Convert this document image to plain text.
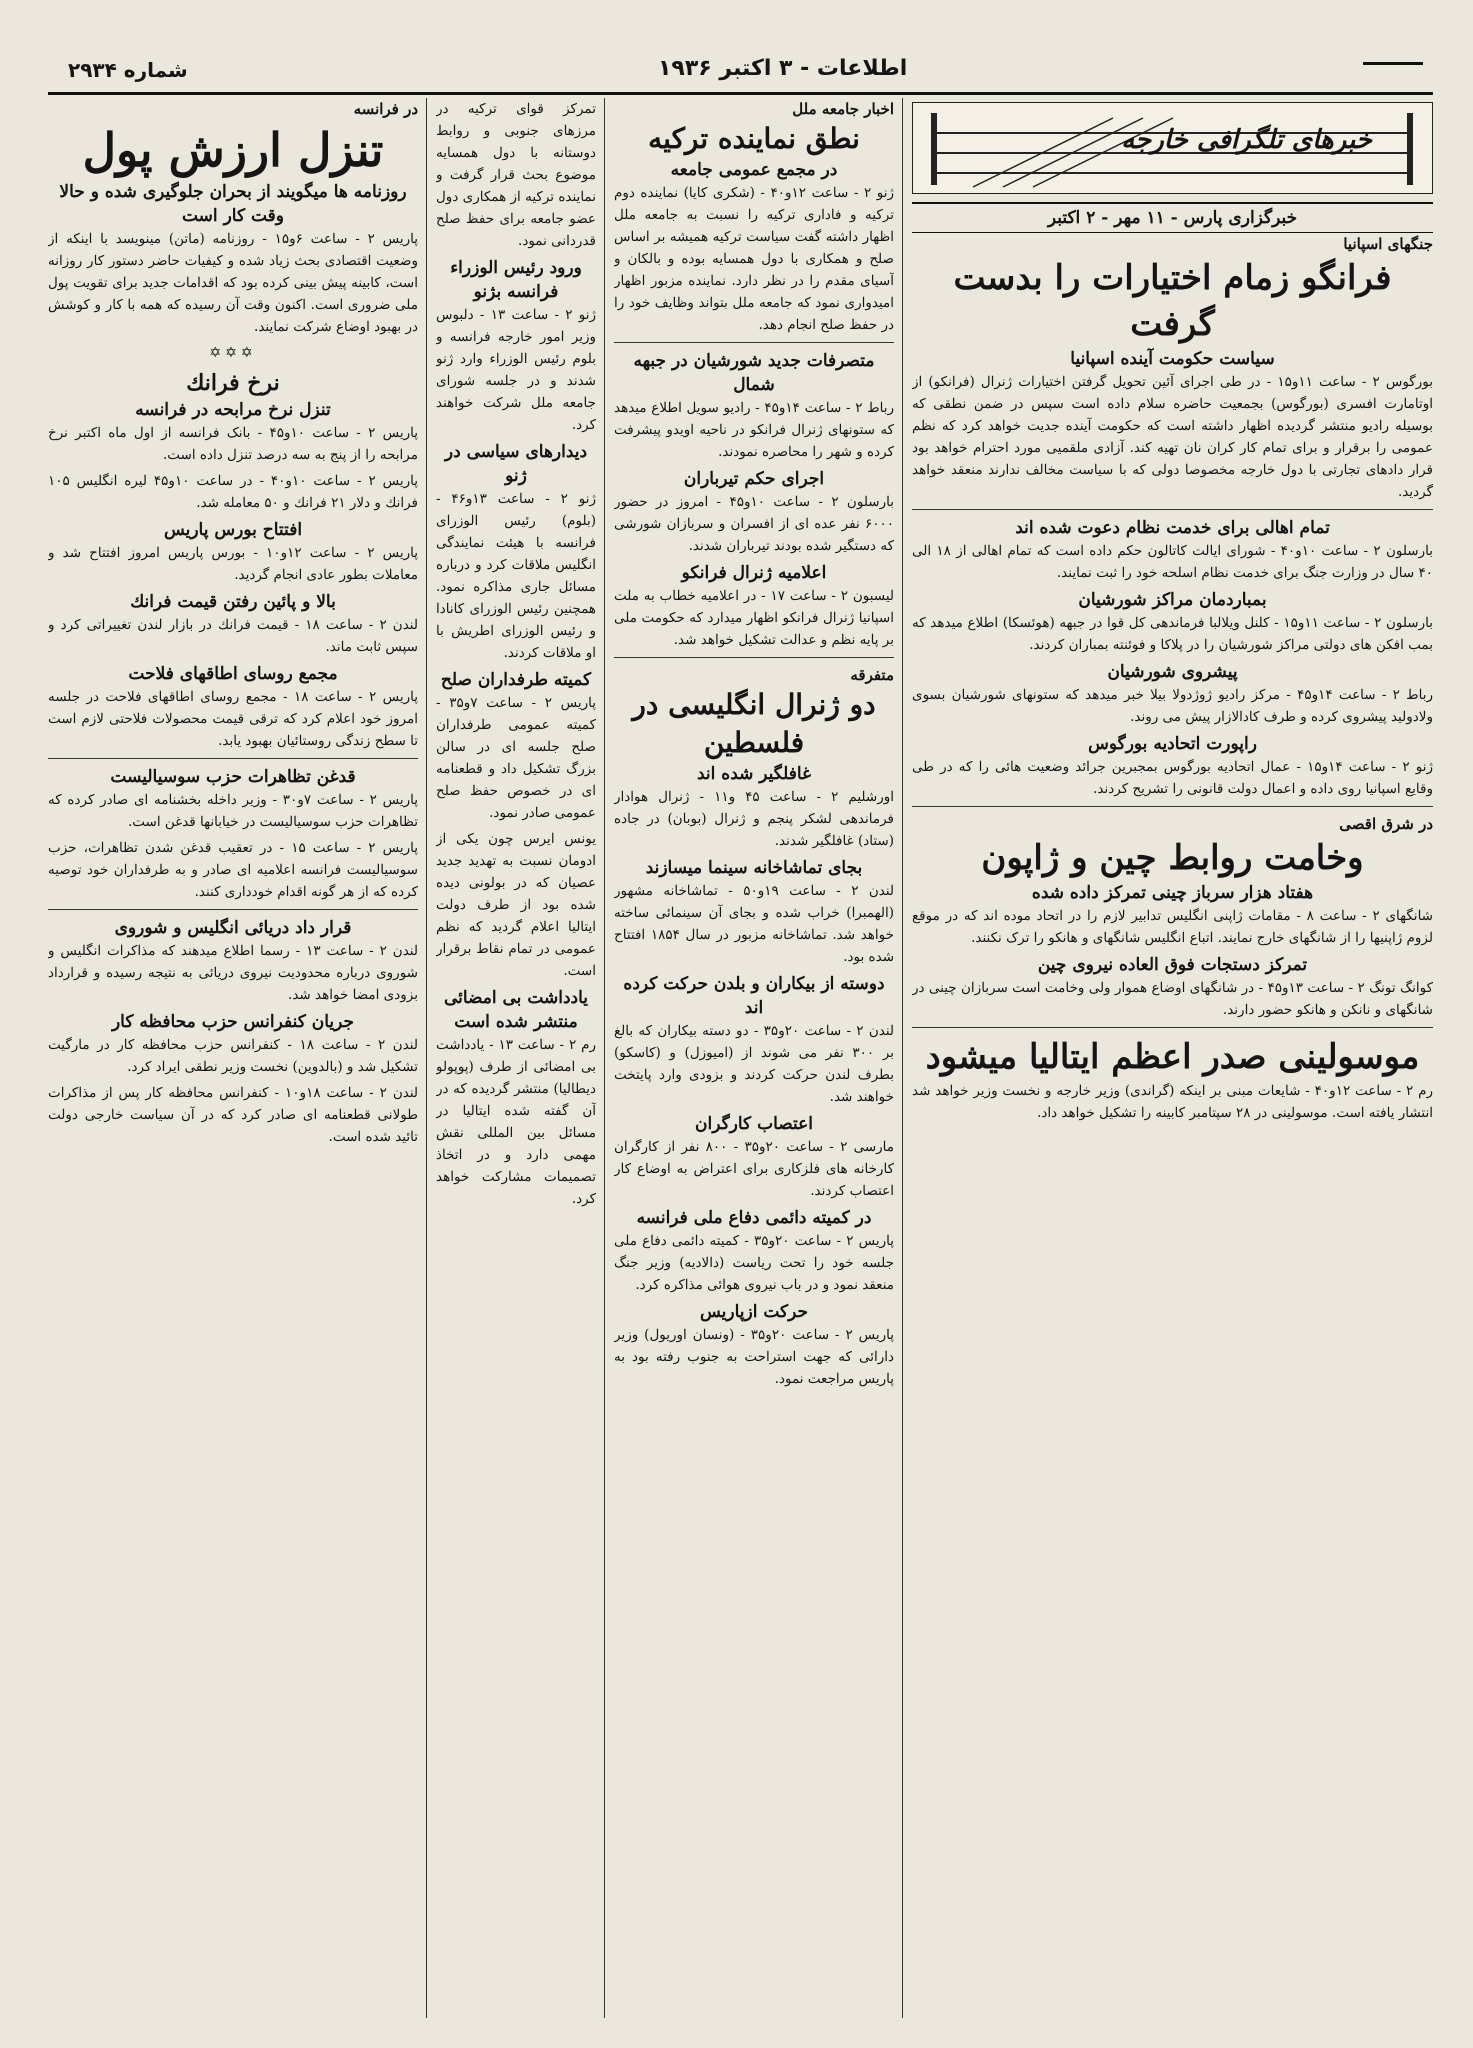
اطلاعات - ۳ اکتبر ۱۹۳۶
شماره ۲۹۳۴
خبرهای تلگرافی خارجه
خبرگزاری پارس - ۱۱ مهر - ۲ اکتبر
جنگهای اسپانیا
فرانگو زمام اختیارات را بدست گرفت
سیاست حکومت آینده اسپانیا

بورگوس ۲ - ساعت ۱۱و۱۵ - در طی اجرای آئین تحویل گرفتن اختیارات ژنرال (فرانکو) از اوتامارت افسری (بورگوس) بجمعیت حاضره سلام داده است سپس در ضمن نطقی که بوسیله رادیو منتشر گردیده اظهار داشته است که حکومت آینده جدیت خواهد کرد که نظم عمومی را برقرار و برای تمام کار کران نان تهیه کند. آزادی ملقمیی مورد احترام خواهد بود قرار دادهای تجارتی با دول خارجه مخصوصا دولی که با سیاست مخالف ندارند منعقد خواهد گردید.

تمام اهالی برای خدمت نظام دعوت شده اند

بارسلون ۲ - ساعت ۱۰و۴۰ - شورای ایالت کاتالون حکم داده است که تمام اهالی از ۱۸ الی ۴۰ سال در وزارت جنگ برای خدمت نظام اسلحه خود را ثبت نمایند.

بمباردمان مراکز شورشیان

بارسلون ۲ - ساعت ۱۱و۱۵ - کلنل ویلالبا فرماندهی کل قوا در جبهه (هوئسکا) اطلاع میدهد که بمب افکن های دولتی مراکز شورشیان را در پلاکا و فوئنته بمباران کردند.

پیشروی شورشیان

رباط ۲ - ساعت ۱۴و۴۵ - مرکز رادیو ژوژدولا بیلا خبر میدهد که ستونهای شورشیان بسوی ولادولید پیشروی کرده و طرف کادالازار پیش می روند.

راپورت اتحادیه بورگوس

ژنو ۲ - ساعت ۱۴و۱۵ - عمال اتحادیه بورگوس بمجبرین جرائد وضعیت هائی را که در طی وقایع اسپانیا روی داده و اعمال دولت قانونی را تشریح کردند.

در شرق اقصی
وخامت روابط چین و ژاپون
هفتاد هزار سرباز چینی تمرکز داده شده

شانگهای ۲ - ساعت ۸ - مقامات ژاپنی انگلیس تدابیر لازم را در اتحاد موده اند که در موقع لزوم ژاپنیها را از شانگهای خارج نمایند. اتباع انگلیس شانگهای و هانکو را ترک نکنند.

تمرکز دستجات فوق العاده نیروی چین

کوانگ تونگ ۲ - ساعت ۱۳و۴۵ - در شانگهای اوضاع هموار ولی وخامت است سربازان چینی در شانگهای و نانکن و هانکو حضور دارند.

موسولینی صدر اعظم ایتالیا میشود

رم ۲ - ساعت ۱۲و۴۰ - شایعات مبنی بر اینکه (گراندی) وزیر خارجه و نخست وزیر خواهد شد انتشار یافته است. موسولینی در ۲۸ سپتامبر کابینه را تشکیل خواهد داد.

اخبار جامعه ملل
نطق نماینده ترکیه
در مجمع عمومی جامعه

ژنو ۲ - ساعت ۱۲و۴۰ - (شکری کایا) نماینده دوم ترکیه و فاداری ترکیه را نسبت به جامعه ملل اظهار داشته گفت سیاست ترکیه همیشه بر اساس صلح و همکاری با دول همسایه بوده و بالکان و آسیای مقدم را در نظر دارد. نماینده مزبور اظهار امیدواری نمود که جامعه ملل بتواند وظایف خود را در حفظ صلح انجام دهد.

متصرفات جدید شورشیان در جبهه شمال

رباط ۲ - ساعت ۱۴و۴۵ - رادیو سویل اطلاع میدهد که ستونهای ژنرال فرانکو در ناحیه اویدو پیشرفت کرده و شهر را محاصره نمودند.

اجرای حکم تیرباران

بارسلون ۲ - ساعت ۱۰و۴۵ - امروز در حضور ۶۰۰۰ نفر عده ای از افسران و سربازان شورشی که دستگیر شده بودند تیرباران شدند.

اعلامیه ژنرال فرانکو

لیسبون ۲ - ساعت ۱۷ - در اعلامیه خطاب به ملت اسپانیا ژنرال فرانکو اظهار میدارد که حکومت ملی بر پایه نظم و عدالت تشکیل خواهد شد.

متفرقه
دو ژنرال انگلیسی در فلسطین
غافلگیر شده اند

اورشلیم ۲ - ساعت ۴۵ و۱۱ - ژنرال هوادار فرماندهی لشکر پنجم و ژنرال (بوبان) در جاده (ستاد) غافلگیر شدند.

بجای تماشاخانه سینما میسازند

لندن ۲ - ساعت ۱۹و۵۰ - تماشاخانه مشهور (الهمبرا) خراب شده و بجای آن سینمائی ساخته خواهد شد. تماشاخانه مزبور در سال ۱۸۵۴ افتتاح شده بود.

دوسته از بیکاران و بلدن حرکت کرده اند

لندن ۲ - ساعت ۲۰و۳۵ - دو دسته بیکاران که بالغ بر ۳۰۰ نفر می شوند از (امیوزل) و (کاسکو) بطرف لندن حرکت کردند و بزودی وارد پایتخت خواهند شد.

اعتصاب کارگران

مارسی ۲ - ساعت ۲۰و۳۵ - ۸۰۰ نفر از کارگران کارخانه های فلزکاری برای اعتراض به اوضاع کار اعتصاب کردند.

در کمیته دائمی دفاع ملی فرانسه

پاریس ۲ - ساعت ۲۰و۳۵ - کمیته دائمی دفاع ملی جلسه خود را تحت ریاست (دالادیه) وزیر جنگ منعقد نمود و در باب نیروی هوائی مذاکره کرد.

حرکت ازپاریس

پاریس ۲ - ساعت ۲۰و۳۵ - (ونسان اوریول) وزیر دارائی که جهت استراحت به جنوب رفته بود به پاریس مراجعت نمود.

تمرکز قوای ترکیه در مرزهای جنوبی و روابط دوستانه با دول همسایه موضوع بحث قرار گرفت و نماینده ترکیه از همکاری دول عضو جامعه برای حفظ صلح قدردانی نمود.

ورود رئیس الوزراء فرانسه بژنو

ژنو ۲ - ساعت ۱۳ - دلبوس وزیر امور خارجه فرانسه و بلوم رئیس الوزراء وارد ژنو شدند و در جلسه شورای جامعه ملل شرکت خواهند کرد.

دیدارهای سیاسی در ژنو

ژنو ۲ - ساعت ۱۳و۴۶ - (بلوم) رئیس الوزرای فرانسه با هیئت نمایندگی انگلیس ملاقات کرد و درباره مسائل جاری مذاکره نمود. همچنین رئیس الوزرای کانادا و رئیس الوزرای اطریش با او ملاقات کردند.

کمیته طرفداران صلح

پاریس ۲ - ساعت ۷و۳۵ - کمیته عمومی طرفداران صلح جلسه ای در سالن بزرگ تشکیل داد و قطعنامه ای در خصوص حفظ صلح عمومی صادر نمود.

یونس ایرس چون یکی از ادومان نسبت به تهدید جدید عصیان که در بولونی دیده شده بود از طرف دولت ایتالیا اعلام گردید که نظم عمومی در تمام نقاط برقرار است.

یادداشت بی امضائی منتشر شده است

رم ۲ - ساعت ۱۳ - یادداشت بی امضائی از طرف (پوپولو دیطالیا) منتشر گردیده که در آن گفته شده ایتالیا در مسائل بین المللی نقش مهمی دارد و در اتخاذ تصمیمات مشارکت خواهد کرد.

در فرانسه
تنزل ارزش پول
روزنامه ها میگویند از بحران جلوگیری شده و حالا وقت کار است

پاریس ۲ - ساعت ۶و۱۵ - روزنامه (ماتن) مینویسد با اینکه از وضعیت اقتصادی بحث زیاد شده و کیفیات حاضر دستور کار روزانه است، کابینه پیش بینی کرده بود که اقدامات جدید برای تقویت پول ملی ضروری است. اکنون وقت آن رسیده که همه با کار و کوشش در بهبود اوضاع شرکت نمایند.

✡✡✡
نرخ فرانك
تنزل نرخ مرابحه در فرانسه

پاریس ۲ - ساعت ۱۰و۴۵ - بانک فرانسه از اول ماه اکتبر نرخ مرابحه را از پنج به سه درصد تنزل داده است.

پاریس ۲ - ساعت ۱۰و۴۰ - در ساعت ۱۰و۴۵ لیره انگلیس ۱۰۵ فرانك و دلار ۲۱ فرانك و ۵۰ معامله شد.

افتتاح بورس پاریس

پاریس ۲ - ساعت ۱۲و۱۰ - بورس پاریس امروز افتتاح شد و معاملات بطور عادی انجام گردید.

بالا و پائین رفتن قیمت فرانك

لندن ۲ - ساعت ۱۸ - قیمت فرانك در بازار لندن تغییراتی کرد و سپس ثابت ماند.

مجمع روسای اطاقهای فلاحت

پاریس ۲ - ساعت ۱۸ - مجمع روسای اطاقهای فلاحت در جلسه امروز خود اعلام کرد که ترقی قیمت محصولات فلاحتی لازم است تا سطح زندگی روستائیان بهبود یابد.

قدغن تظاهرات حزب سوسیالیست

پاریس ۲ - ساعت ۷و۳۰ - وزیر داخله بخشنامه ای صادر کرده که تظاهرات حزب سوسیالیست در خیابانها قدغن است.

پاریس ۲ - ساعت ۱۵ - در تعقیب قدغن شدن تظاهرات، حزب سوسیالیست فرانسه اعلامیه ای صادر و به طرفداران خود توصیه کرده که از هر گونه اقدام خودداری کنند.

قرار داد دریائی انگلیس و شوروی

لندن ۲ - ساعت ۱۳ - رسما اطلاع میدهند که مذاکرات انگلیس و شوروی درباره محدودیت نیروی دریائی به نتیجه رسیده و قرارداد بزودی امضا خواهد شد.

جریان کنفرانس حزب محافظه کار

لندن ۲ - ساعت ۱۸ - کنفرانس حزب محافظه کار در مارگیت تشکیل شد و (بالدوین) نخست وزیر نطقی ایراد کرد.

لندن ۲ - ساعت ۱۸و۱۰ - کنفرانس محافظه کار پس از مذاکرات طولانی قطعنامه ای صادر کرد که در آن سیاست خارجی دولت تائید شده است.
